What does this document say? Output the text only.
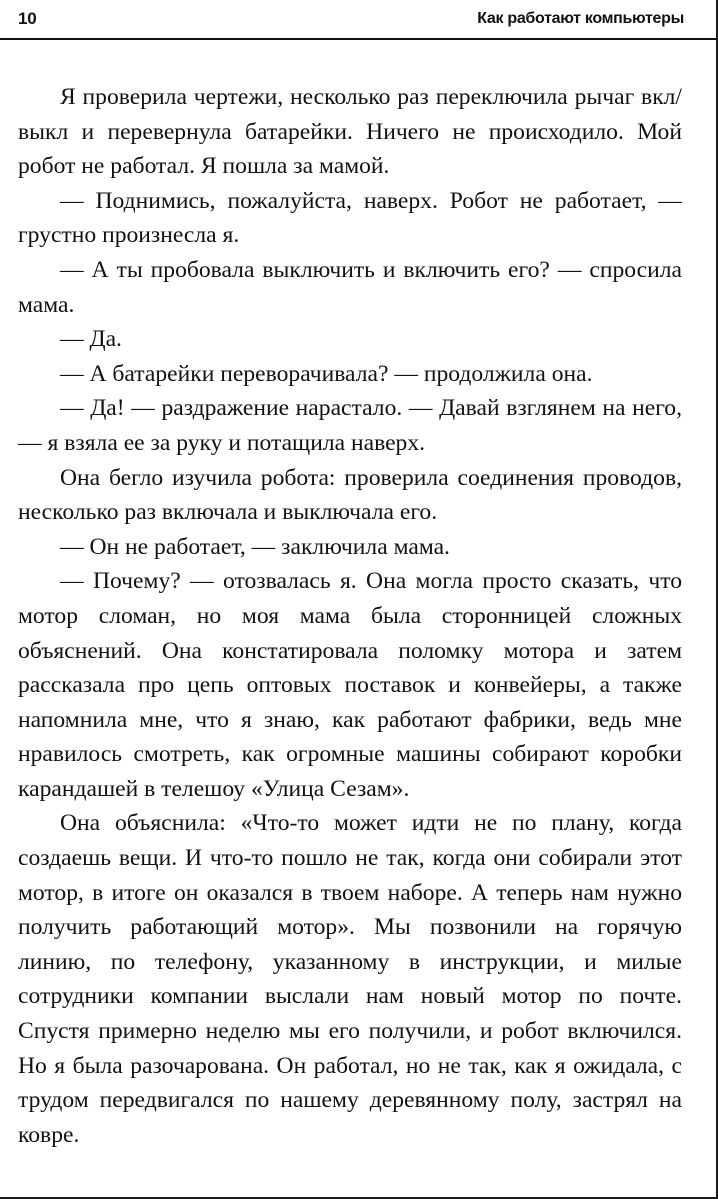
10	Как работают компьютеры

Я проверила чертежи, несколько раз переключила рычаг вкл/выкл и перевернула батарейки. Ничего не происходило. Мой робот не работал. Я пошла за мамой.

— Поднимись, пожалуйста, наверх. Робот не работает, — грустно произнесла я.

— А ты пробовала выключить и включить его? — спросила мама.

— Да.

— А батарейки переворачивала? — продолжила она.

— Да! — раздражение нарастало. — Давай взглянем на него, — я взяла ее за руку и потащила наверх.

Она бегло изучила робота: проверила соединения проводов, несколько раз включала и выключала его.

— Он не работает, — заключила мама.

— Почему? — отозвалась я. Она могла просто сказать, что мотор сломан, но моя мама была сторонницей сложных объяснений. Она констатировала поломку мотора и затем рассказала про цепь оптовых поставок и конвейеры, а также напомнила мне, что я знаю, как работают фабрики, ведь мне нравилось смотреть, как огромные машины собирают коробки карандашей в телешоу «Улица Сезам».

Она объяснила: «Что-то может идти не по плану, когда создаешь вещи. И что-то пошло не так, когда они собирали этот мотор, в итоге он оказался в твоем наборе. А теперь нам нужно получить работающий мотор». Мы позвонили на горячую линию, по телефону, указанному в инструкции, и милые сотрудники компании выслали нам новый мотор по почте. Спустя примерно неделю мы его получили, и робот включился. Но я была разочарована. Он работал, но не так, как я ожидала, с трудом передвигался по нашему деревянному полу, застрял на ковре.
